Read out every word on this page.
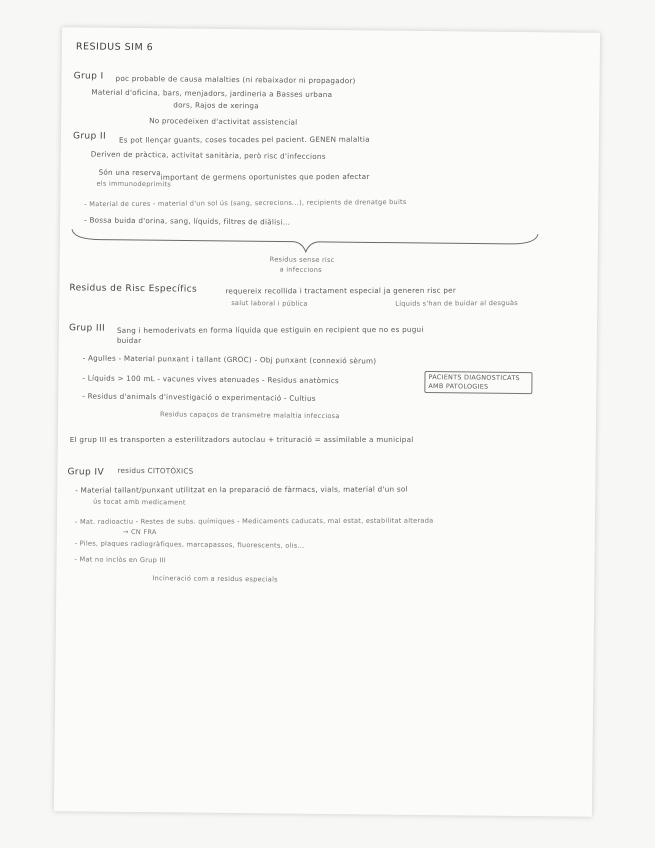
RESIDUS SIM 6
Grup I poc probable de causa malalties (ni rebaixador ni propagador)
Material d'oficina, bars, menjadors, jardineria a Basses urbana
dors, Rajos de xeringa
No procedeixen d'activitat assistencial
Grup II Es pot llençar guants, coses tocades pel pacient. GENEN malaltia
Deriven de pràctica, activitat sanitària, però risc d'infeccions
Són una reserva important de germens oportunistes que poden afectar
els immunodeprimits
- Material de cures - material d'un sol ús (sang, secrecions...), recipients de drenatge buits
- Bossa buida d'orina, sang, líquids, filtres de diàlisi...
Residus sense risc
a infeccions
Residus de Risc Específics	requereix recollida i tractament especial ja generen risc per
salut laboral i pública	Líquids s'han de buidar al desguàs
Grup III Sang i hemoderivats en forma líquida que estiguin en recipient que no es pugui
buidar
- Agulles - Material punxant i tallant (GROC) - Obj punxant (connexió sèrum)
- Líquids > 100 mL - vacunes vives atenuades - Residus anatòmics
- Residus d'animals d'investigació o experimentació - Cultius
PACIENTS DIAGNOSTICATS AMB PATOLOGIES
Residus capaços de transmetre malaltia infecciosa
El grup III es transporten a esterilitzadors autoclau + trituració = assimilable a municipal
Grup IV residus CITOTÒXICS
- Material tallant/punxant utilitzat en la preparació de fàrmacs, vials, material d'un sol
ús tocat amb medicament
- Mat. radioactiu - Restes de subs. químiques - Medicaments caducats, mal estat, estabilitat alterada
→ CN FRA
- Piles, plaques radiogràfiques, marcapassos, fluorescents, olis...
- Mat no inclòs en Grup III
Incineració com a residus especials
